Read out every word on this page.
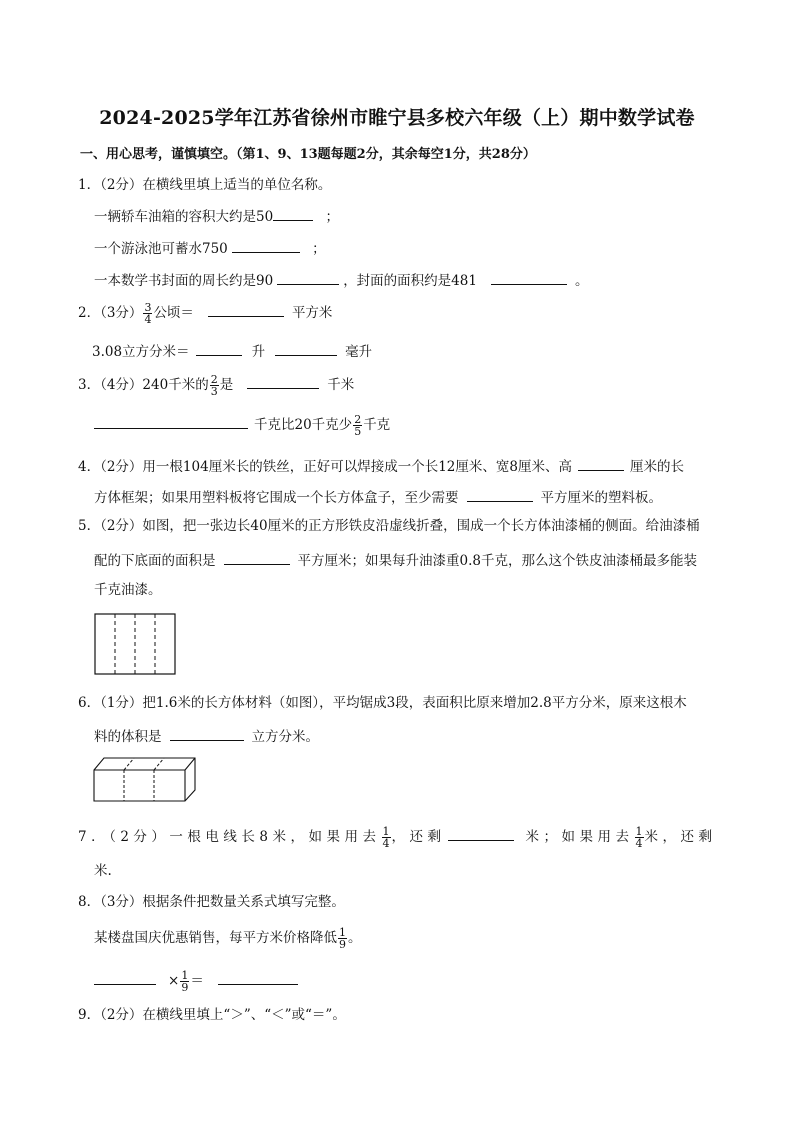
2024-2025学年江苏省徐州市睢宁县多校六年级（上）期中数学试卷
一、用心思考，谨慎填空。（第1、9、13题每题2分，其余每空1分，共28分）
1．（2分）在横线里填上适当的单位名称。
一辆轿车油箱的容积大约是50	；
一个游泳池可蓄水750	；
一本数学书封面的周长约是90	，封面的面积约是481	。
2．（3分） $\frac{3}{4}$ 公顷＝	平方米
3.08立方分米＝	升	毫升
3．（4分）240千米的 $\frac{2}{3}$ 是	千米
千克比20千克少 $\frac{2}{5}$ 千克
4．（2分）用一根104厘米长的铁丝，正好可以焊接成一个长12厘米、宽8厘米、高	厘米的长
方体框架；如果用塑料板将它围成一个长方体盒子，至少需要	平方厘米的塑料板。
5．（2分）如图，把一张边长40厘米的正方形铁皮沿虚线折叠，围成一个长方体油漆桶的侧面。给油漆桶
配的下底面的面积是	平方厘米；如果每升油漆重0.8千克，那么这个铁皮油漆桶最多能装
千克油漆。
6．（1分）把1.6米的长方体材料（如图），平均锯成3段，表面积比原来增加2.8平方分米，原来这根木
料的体积是	立方分米。
7．（2分）一根电线长8米，如果用去 $\frac{1}{4}$ ，还剩	米；如果用去 $\frac{1}{4}$ 米，还剩
米.
8．（3分）根据条件把数量关系式填写完整。
某楼盘国庆优惠销售，每平方米价格降低 $\frac{1}{9}$ 。
× $\frac{1}{9}$ ＝
9．（2分）在横线里填上“＞”、“＜”或“＝”。
